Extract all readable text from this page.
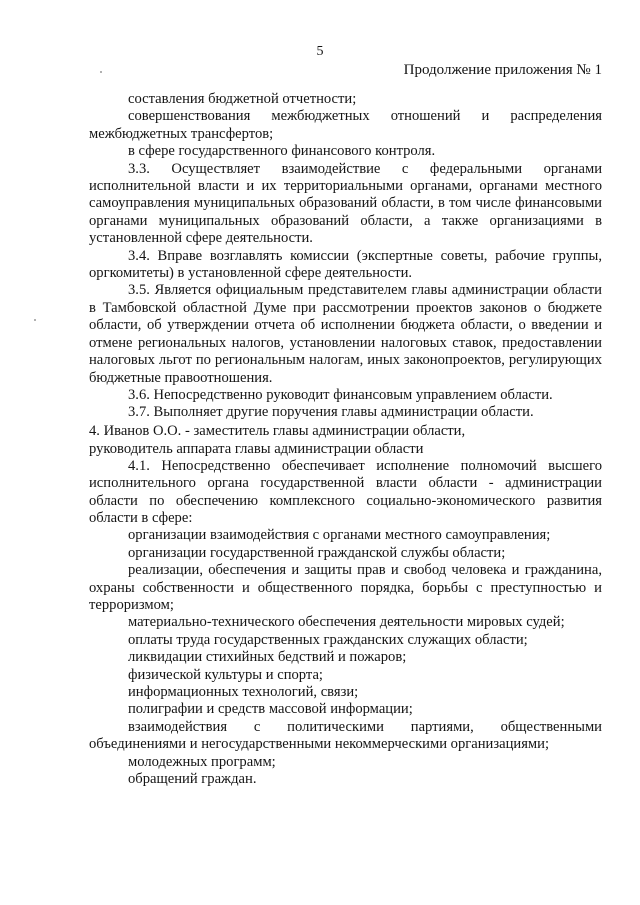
5
Продолжение приложения № 1

составления бюджетной отчетности;

совершенствования межбюджетных отношений и распределения межбюджетных трансфертов;

в сфере государственного финансового контроля.

3.3. Осуществляет взаимодействие с федеральными органами исполнительной власти и их территориальными органами, органами местного самоуправления муниципальных образований области, в том числе финансовыми органами муниципальных образований области, а также организациями в установленной сфере деятельности.

3.4. Вправе возглавлять комиссии (экспертные советы, рабочие группы, оргкомитеты) в установленной сфере деятельности.

3.5. Является официальным представителем главы администрации области в Тамбовской областной Думе при рассмотрении проектов законов о бюджете области, об утверждении отчета об исполнении бюджета области, о введении и отмене региональных налогов, установлении налоговых ставок, предоставлении налоговых льгот по региональным налогам, иных законопроектов, регулирующих бюджетные правоотношения.

3.6. Непосредственно руководит финансовым управлением области.

3.7. Выполняет другие поручения главы администрации области.

4. Иванов О.О. - заместитель главы администрации области,
руководитель аппарата главы администрации области

4.1. Непосредственно обеспечивает исполнение полномочий высшего исполнительного органа государственной власти области - администрации области по обеспечению комплексного социально-экономического развития области в сфере:

организации взаимодействия с органами местного самоуправления;

организации государственной гражданской службы области;

реализации, обеспечения и защиты прав и свобод человека и гражданина, охраны собственности и общественного порядка, борьбы с преступностью и терроризмом;

материально-технического обеспечения деятельности мировых судей;

оплаты труда государственных гражданских служащих области;

ликвидации стихийных бедствий и пожаров;

физической культуры и спорта;

информационных технологий, связи;

полиграфии и средств массовой информации;

взаимодействия с политическими партиями, общественными объединениями и негосударственными некоммерческими организациями;

молодежных программ;

обращений граждан.
